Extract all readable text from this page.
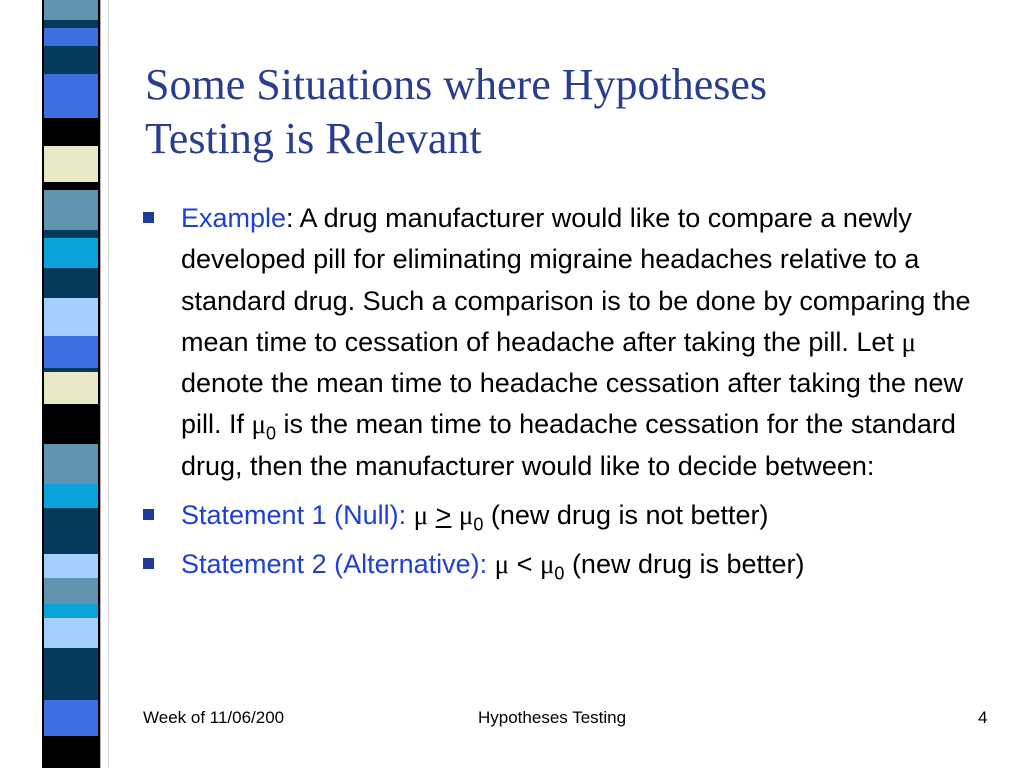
Some Situations where Hypotheses
Testing is Relevant
Example: A drug manufacturer would like to compare a newly developed pill for eliminating migraine headaches relative to a standard drug. Such a comparison is to be done by comparing the mean time to cessation of headache after taking the pill. Let μ denote the mean time to headache cessation after taking the new pill. If $\mu_0$ is the mean time to headache cessation for the standard drug, then the manufacturer would like to decide between:
Statement 1 (Null): $\mu \ge \mu_0$ (new drug is not better)
Statement 2 (Alternative): $\mu < \mu_0$ (new drug is better)
Week of 11/06/200	Hypotheses Testing	4
